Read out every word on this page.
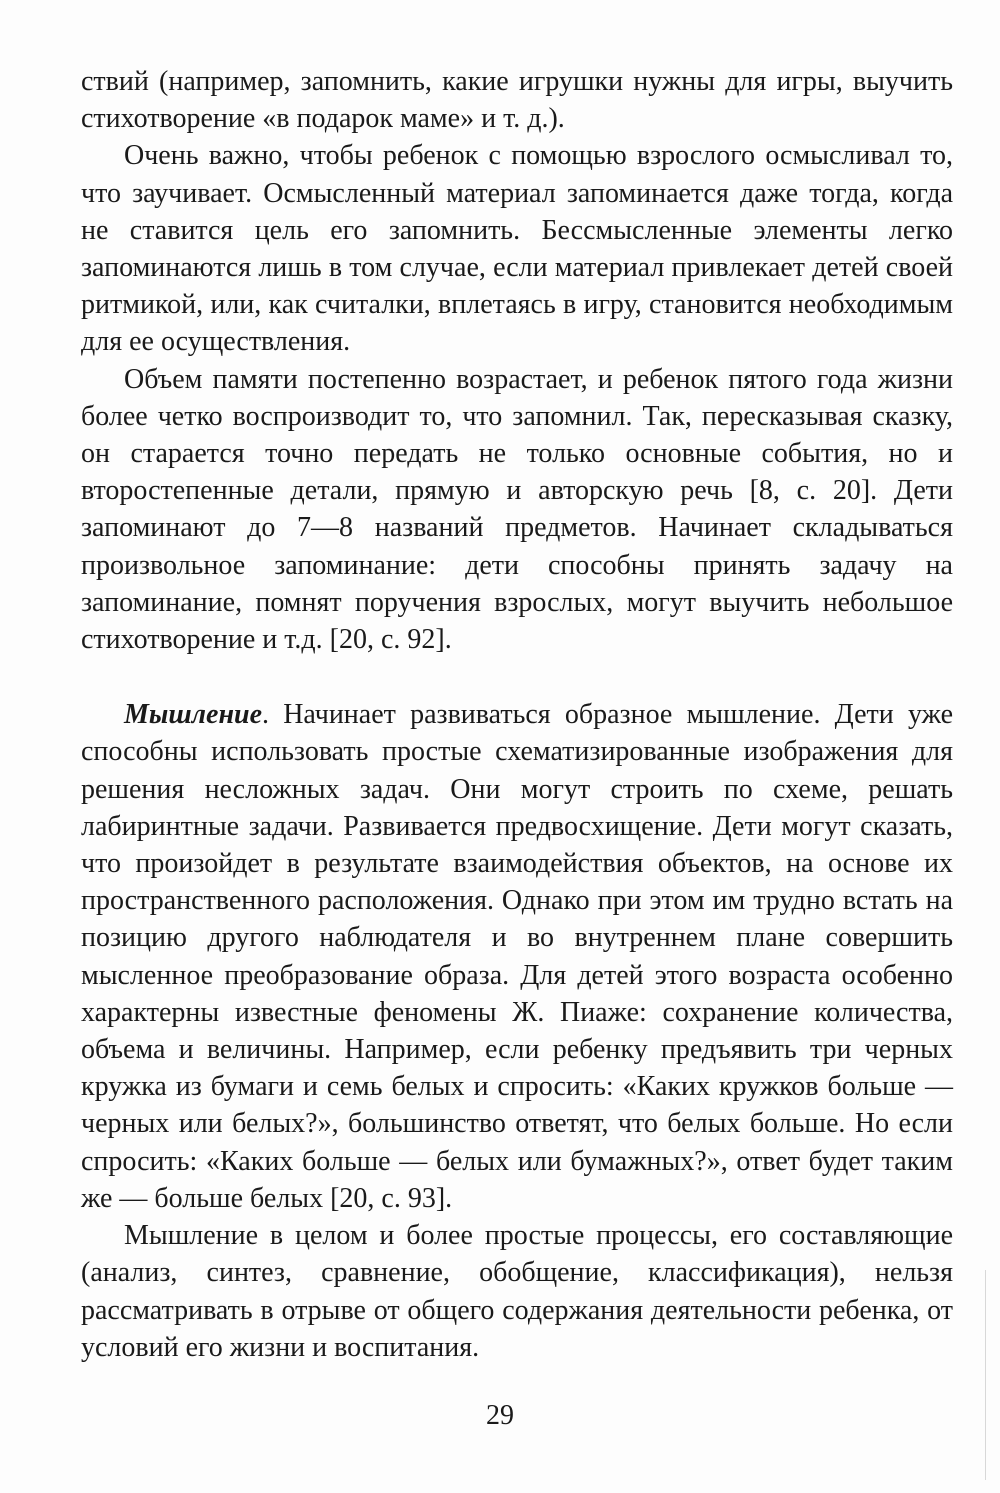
ствий (например, запомнить, какие игрушки нужны для игры, выучить стихотворение «в подарок маме» и т. д.).

Очень важно, чтобы ребенок с помощью взрослого осмысливал то, что заучивает. Осмысленный материал запоминается даже тогда, когда не ставится цель его запомнить. Бессмысленные элементы легко запоминаются лишь в том случае, если материал привлекает детей своей ритмикой, или, как считалки, вплетаясь в игру, становится необходимым для ее осуществления.

Объем памяти постепенно возрастает, и ребенок пятого года жизни более четко воспроизводит то, что запомнил. Так, пересказывая сказку, он старается точно передать не только основные события, но и второстепенные детали, прямую и авторскую речь [8, с. 20]. Дети запоминают до 7—8 названий предметов. Начинает складываться произвольное запоминание: дети способны принять задачу на запоминание, помнят поручения взрослых, могут выучить небольшое стихотворение и т.д. [20, с. 92].

Мышление. Начинает развиваться образное мышление. Дети уже способны использовать простые схематизированные изображения для решения несложных задач. Они могут строить по схеме, решать лабиринтные задачи. Развивается предвосхищение. Дети могут сказать, что произойдет в результате взаимодействия объектов, на основе их пространственного расположения. Однако при этом им трудно встать на позицию другого наблюдателя и во внутреннем плане совершить мысленное преобразование образа. Для детей этого возраста особенно характерны известные феномены Ж. Пиаже: сохранение количества, объема и величины. Например, если ребенку предъявить три черных кружка из бумаги и семь белых и спросить: «Каких кружков больше — черных или белых?», большинство ответят, что белых больше. Но если спросить: «Каких больше — белых или бумажных?», ответ будет таким же — больше белых [20, с. 93].

Мышление в целом и более простые процессы, его составляющие (анализ, синтез, сравнение, обобщение, классификация), нельзя рассматривать в отрыве от общего содержания деятельности ребенка, от условий его жизни и воспитания.

29
